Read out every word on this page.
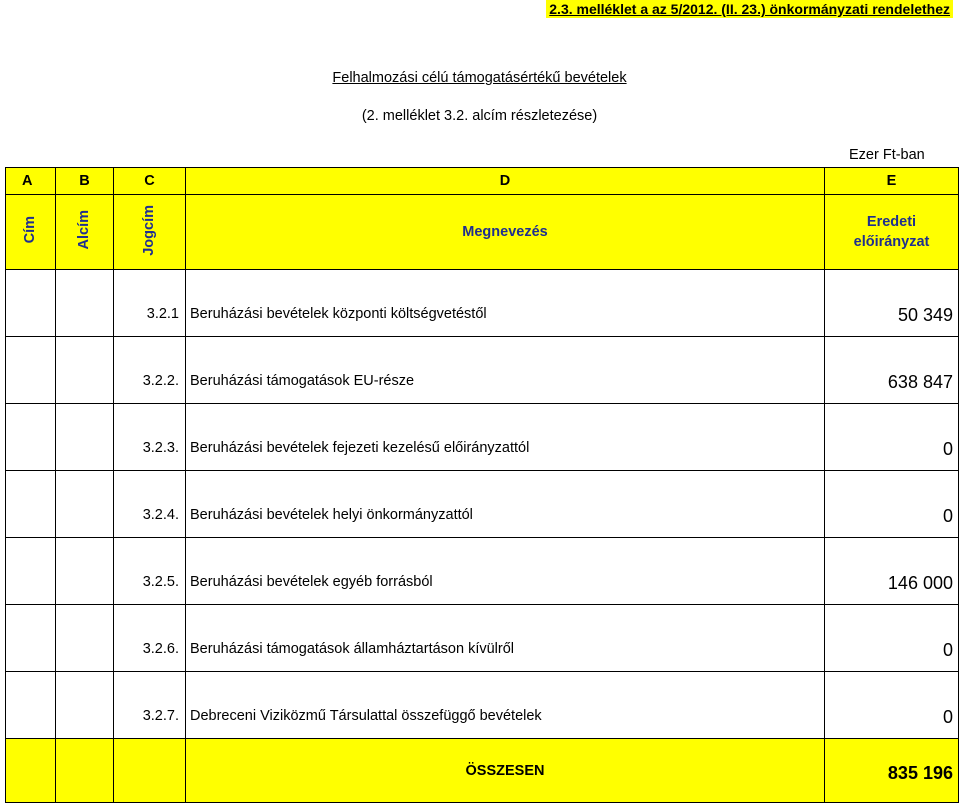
2.3. melléklet a az 5/2012. (II. 23.) önkormányzati rendelethez
Felhalmozási célú támogatásértékű bevételek
(2. melléklet 3.2. alcím részletezése)
Ezer Ft-ban
A	B	C	D	E
Cím	Alcím	Jogcím	Megnevezés	Eredeti előirányzat
		3.2.1	Beruházási bevételek központi költségvetéstől	50 349
		3.2.2.	Beruházási támogatások EU-része	638 847
		3.2.3.	Beruházási bevételek fejezeti kezelésű előirányzattól	0
		3.2.4.	Beruházási bevételek helyi önkormányzattól	0
		3.2.5.	Beruházási bevételek egyéb forrásból	146 000
		3.2.6.	Beruházási támogatások államháztartáson kívülről	0
		3.2.7.	Debreceni Viziközmű Társulattal összefüggő bevételek	0
			ÖSSZESEN	835 196
